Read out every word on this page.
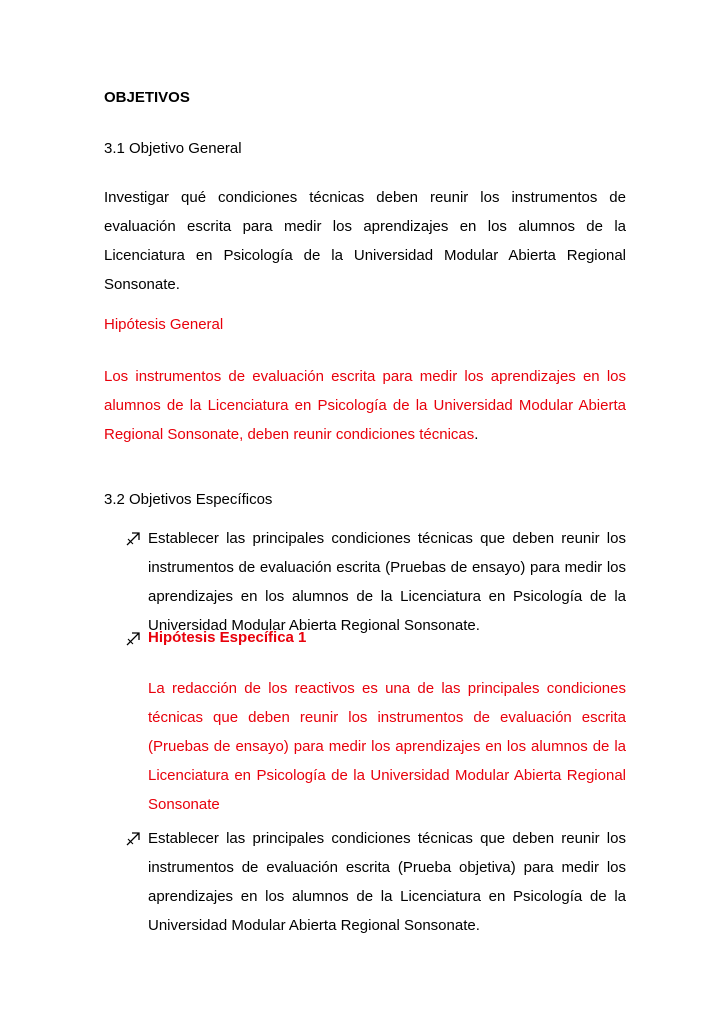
OBJETIVOS
3.1 Objetivo General
Investigar qué condiciones técnicas deben reunir los instrumentos de
evaluación escrita para medir los aprendizajes en los alumnos de la
Licenciatura en Psicología de la Universidad Modular Abierta Regional
Sonsonate.
Hipótesis General
Los instrumentos de evaluación escrita para medir los aprendizajes en los
alumnos de la Licenciatura en Psicología de la Universidad Modular Abierta
Regional Sonsonate, deben reunir condiciones técnicas.
3.2 Objetivos Específicos
Establecer las principales condiciones técnicas que deben reunir los
instrumentos de evaluación escrita (Pruebas de ensayo) para medir los
aprendizajes en los alumnos de la Licenciatura en Psicología de la
Universidad Modular Abierta Regional Sonsonate.
Hipótesis Específica 1
La redacción de los reactivos es una de las principales condiciones
técnicas que deben reunir los instrumentos de evaluación escrita
(Pruebas de ensayo) para medir los aprendizajes en los alumnos de la
Licenciatura en Psicología de la Universidad Modular Abierta Regional
Sonsonate
Establecer las principales condiciones técnicas que deben reunir los
instrumentos de evaluación escrita (Prueba objetiva) para medir los
aprendizajes en los alumnos de la Licenciatura en Psicología de la
Universidad Modular Abierta Regional Sonsonate.
